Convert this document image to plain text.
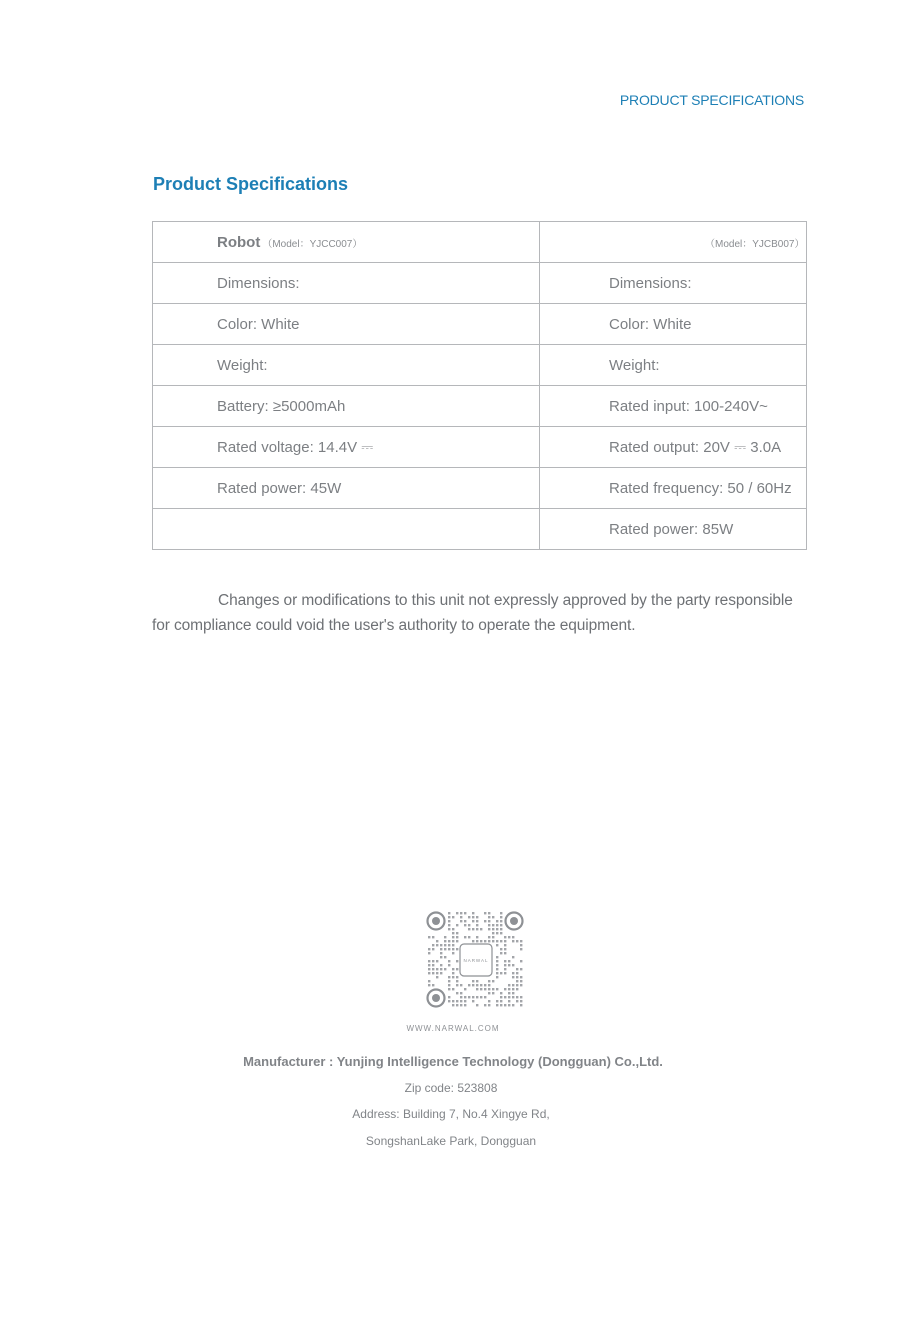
PRODUCT SPECIFICATIONS
Product Specifications
Robot （Model：YJCC007）	（Model：YJCB007）
Dimensions:	Dimensions:
Color: White	Color: White
Weight:	Weight:
Battery: ≥5000mAh	Rated input: 100-240V~
Rated voltage: 14.4V ⎓	Rated output: 20V ⎓ 3.0A
Rated power: 45W	Rated frequency: 50 / 60Hz
	Rated power: 85W
Changes or modifications to this unit not expressly approved by the party responsible for compliance could void the user's authority to operate the equipment.
NARWAL
WWW.NARWAL.COM
Manufacturer : Yunjing Intelligence Technology (Dongguan) Co.,Ltd.
Zip code: 523808
Address: Building 7, No.4 Xingye Rd,
SongshanLake Park, Dongguan
